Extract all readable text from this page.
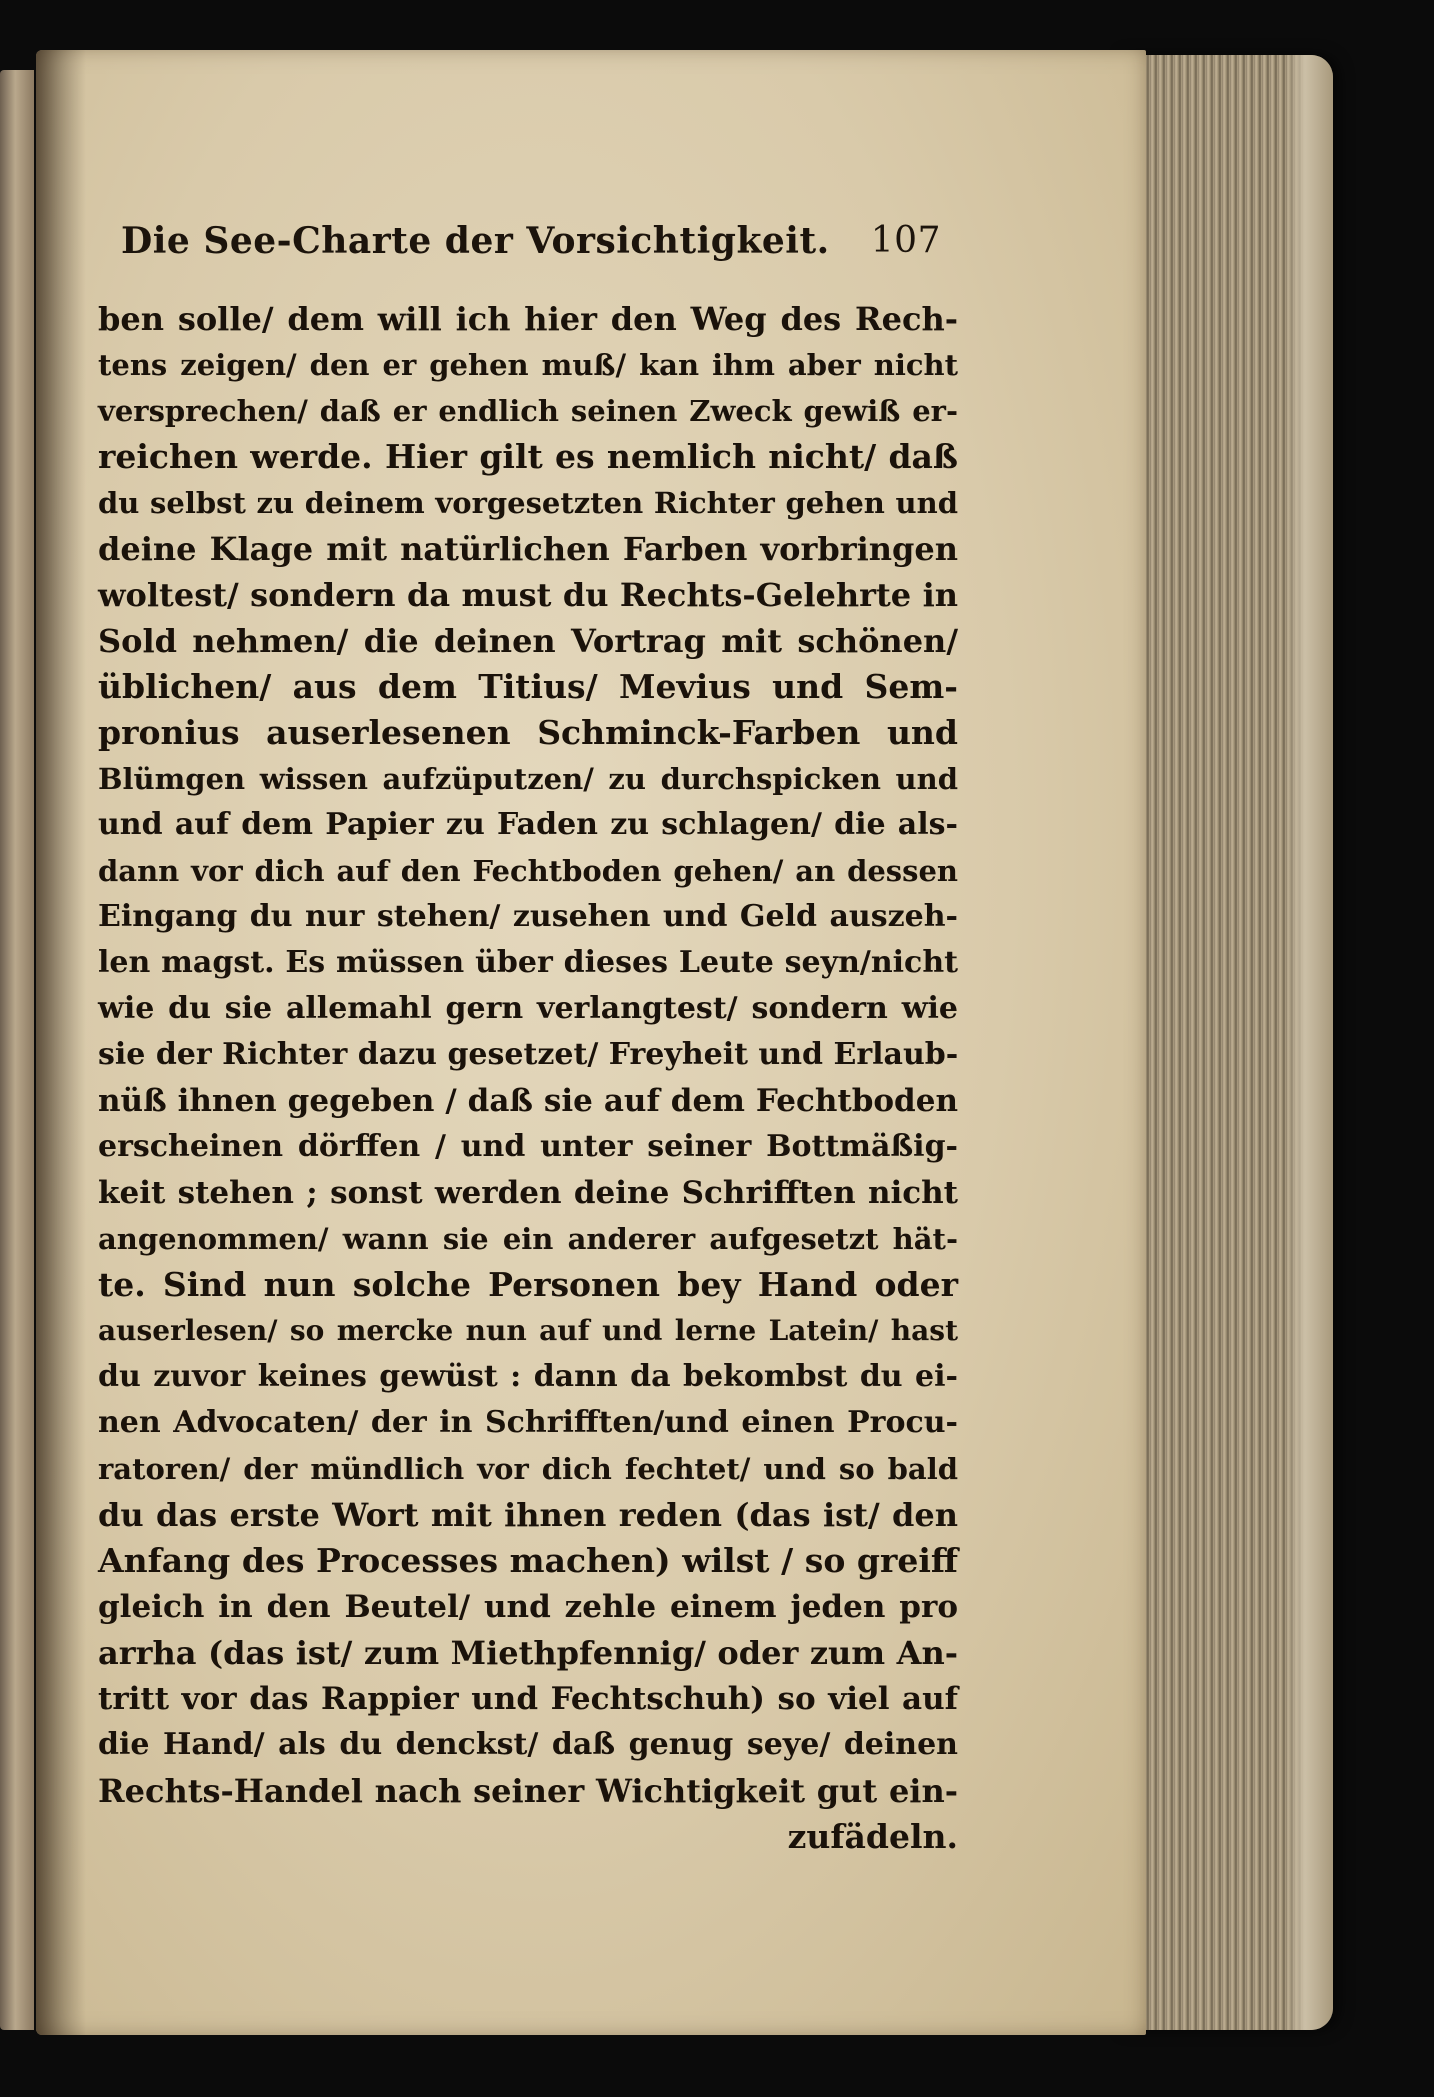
Die See-Charte der Vorsichtigkeit. 107
ben solle/ dem will ich hier den Weg des Rech-
tens zeigen/ den er gehen muß/ kan ihm aber nicht
versprechen/ daß er endlich seinen Zweck gewiß er-
reichen werde. Hier gilt es nemlich nicht/ daß
du selbst zu deinem vorgesetzten Richter gehen und
deine Klage mit natürlichen Farben vorbringen
woltest/ sondern da must du Rechts-Gelehrte in
Sold nehmen/ die deinen Vortrag mit schönen/
üblichen/ aus dem Titius/ Mevius und Sem-
pronius auserlesenen Schminck-Farben und
Blümgen wissen aufzüputzen/ zu durchspicken und
und auf dem Papier zu Faden zu schlagen/ die als-
dann vor dich auf den Fechtboden gehen/ an dessen
Eingang du nur stehen/ zusehen und Geld auszeh-
len magst. Es müssen über dieses Leute seyn/nicht
wie du sie allemahl gern verlangtest/ sondern wie
sie der Richter dazu gesetzet/ Freyheit und Erlaub-
nüß ihnen gegeben / daß sie auf dem Fechtboden
erscheinen dörffen / und unter seiner Bottmäßig-
keit stehen ; sonst werden deine Schrifften nicht
angenommen/ wann sie ein anderer aufgesetzt hät-
te. Sind nun solche Personen bey Hand oder
auserlesen/ so mercke nun auf und lerne Latein/ hast
du zuvor keines gewüst : dann da bekombst du ei-
nen Advocaten/ der in Schrifften/und einen Procu-
ratoren/ der mündlich vor dich fechtet/ und so bald
du das erste Wort mit ihnen reden (das ist/ den
Anfang des Processes machen) wilst / so greiff
gleich in den Beutel/ und zehle einem jeden pro
arrha (das ist/ zum Miethpfennig/ oder zum An-
tritt vor das Rappier und Fechtschuh) so viel auf
die Hand/ als du denckst/ daß genug seye/ deinen
Rechts-Handel nach seiner Wichtigkeit gut ein-
zufädeln.
